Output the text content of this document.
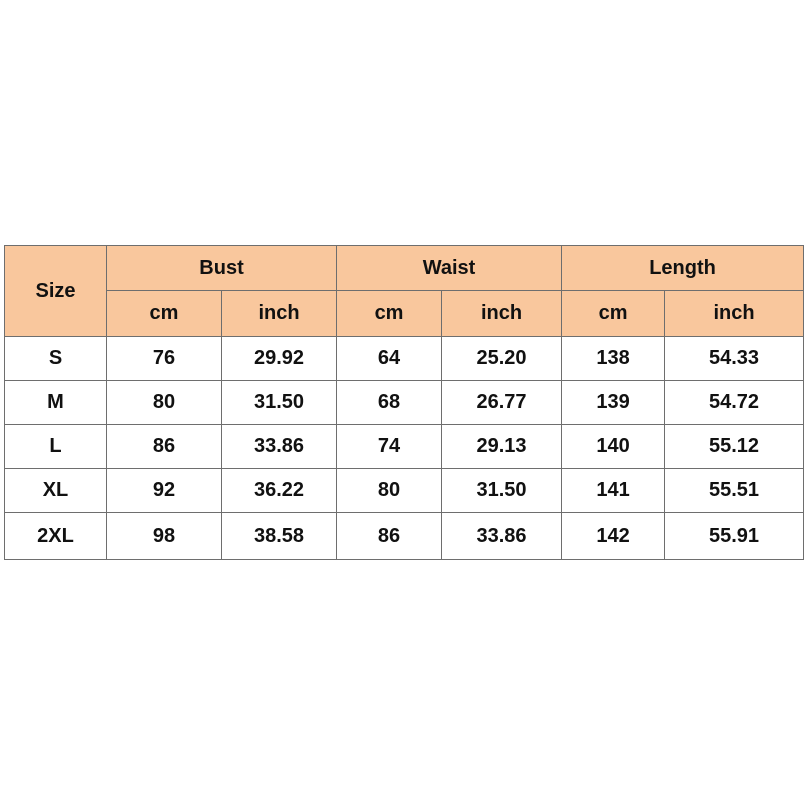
Size	Bust		Waist		Length	
	cm	inch	cm	inch	cm	inch
S	76	29.92	64	25.20	138	54.33
M	80	31.50	68	26.77	139	54.72
L	86	33.86	74	29.13	140	55.12
XL	92	36.22	80	31.50	141	55.51
2XL	98	38.58	86	33.86	142	55.91
